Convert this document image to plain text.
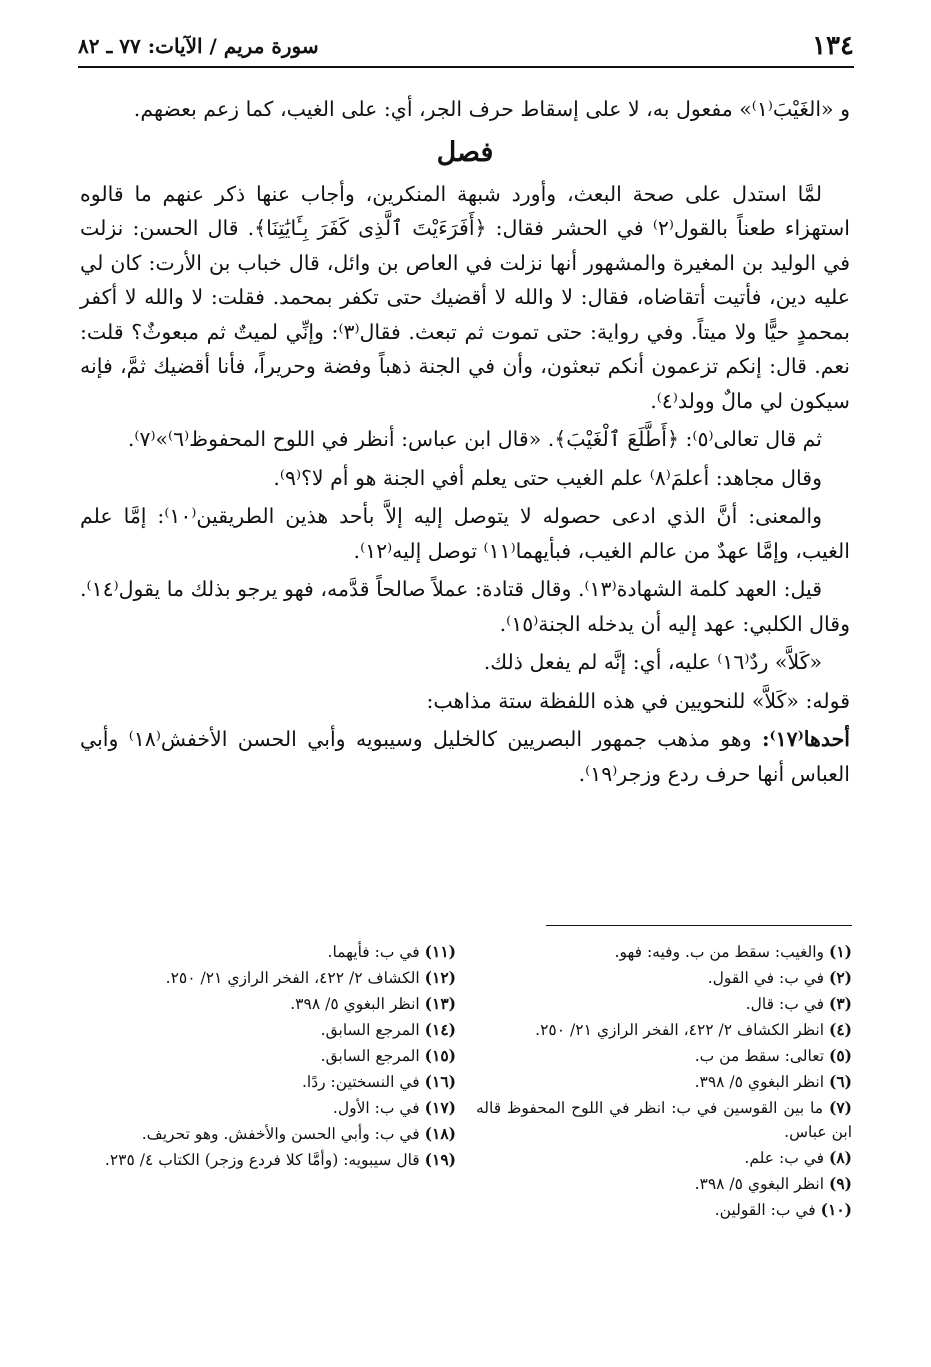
١٣٤
سورة مريم / الآيات: ٧٧ ـ ٨٢

و «الغَيْبَ⁽١⁾» مفعول به، لا على إسقاط حرف الجر، أي: على الغيب، كما زعم بعضهم.

فصل

لمَّا استدل على صحة البعث، وأورد شبهة المنكرين، وأجاب عنها ذكر عنهم ما قالوه استهزاء طعناً بالقول⁽٢⁾ في الحشر فقال: ﴿أَفَرَءَيْتَ ٱلَّذِى كَفَرَ بِـَٔايَٰتِنَا﴾. قال الحسن: نزلت في الوليد بن المغيرة والمشهور أنها نزلت في العاص بن وائل، قال خباب بن الأرت: كان لي عليه دين، فأتيت أتقاضاه، فقال: لا والله لا أقضيك حتى تكفر بمحمد. فقلت: لا والله لا أكفر بمحمدٍ حيًّا ولا ميتاً. وفي رواية: حتى تموت ثم تبعث. فقال⁽٣⁾: وإنِّي لميتٌ ثم مبعوثٌ؟ قلت: نعم. قال: إنكم تزعمون أنكم تبعثون، وأن في الجنة ذهباً وفضة وحريراً، فأنا أقضيك ثمَّ، فإنه سيكون لي مالٌ وولد⁽٤⁾.

ثم قال تعالى⁽٥⁾: ﴿أَطَّلَعَ ٱلْغَيْبَ﴾. «قال ابن عباس: أنظر في اللوح المحفوظ⁽٦⁾»⁽٧⁾.

وقال مجاهد: أعلمَ⁽٨⁾ علم الغيب حتى يعلم أفي الجنة هو أم لا؟⁽٩⁾.

والمعنى: أنَّ الذي ادعى حصوله لا يتوصل إليه إلاَّ بأحد هذين الطريقين⁽١٠⁾: إمَّا علم الغيب، وإمَّا عهدٌ من عالم الغيب، فبأيهما⁽١١⁾ توصل إليه⁽١٢⁾.

قيل: العهد كلمة الشهادة⁽١٣⁾. وقال قتادة: عملاً صالحاً قدَّمه، فهو يرجو بذلك ما يقول⁽١٤⁾. وقال الكلبي: عهد إليه أن يدخله الجنة⁽١٥⁾.

«كَلاَّ» ردٌ⁽١٦⁾ عليه، أي: إنَّه لم يفعل ذلك.

قوله: «كَلاَّ» للنحويين في هذه اللفظة ستة مذاهب:

أحدها⁽١٧⁾: وهو مذهب جمهور البصريين كالخليل وسيبويه وأبي الحسن الأخفش⁽١٨⁾ وأبي العباس أنها حرف ردع وزجر⁽١٩⁾.

(١) والغيب: سقط من ب. وفيه: فهو.
(٢) في ب: في القول.
(٣) في ب: قال.
(٤) انظر الكشاف ٢/ ٤٢٢، الفخر الرازي ٢١/ ٢٥٠.
(٥) تعالى: سقط من ب.
(٦) انظر البغوي ٥/ ٣٩٨.
(٧) ما بين القوسين في ب: انظر في اللوح المحفوظ قاله ابن عباس.
(٨) في ب: علم.
(٩) انظر البغوي ٥/ ٣٩٨.
(١٠) في ب: القولين.
(١١) في ب: فأيهما.
(١٢) الكشاف ٢/ ٤٢٢، الفخر الرازي ٢١/ ٢٥٠.
(١٣) انظر البغوي ٥/ ٣٩٨.
(١٤) المرجع السابق.
(١٥) المرجع السابق.
(١٦) في النسختين: ردًا.
(١٧) في ب: الأول.
(١٨) في ب: وأبي الحسن والأخفش. وهو تحريف.
(١٩) قال سيبويه: (وأمَّا كلا فردع وزجر) الكتاب ٤/ ٢٣٥.
